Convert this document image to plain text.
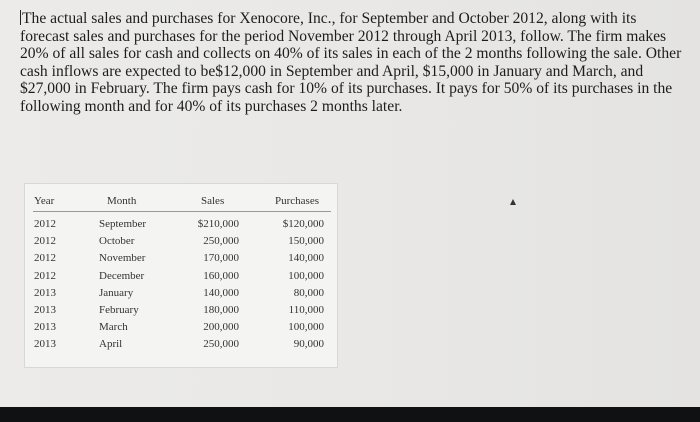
The actual sales and purchases for Xenocore, Inc., for September and October 2012, along with its forecast sales and purchases for the period November 2012 through April 2013, follow. The firm makes 20% of all sales for cash and collects on 40% of its sales in each of the 2 months following the sale. Other cash inflows are expected to be$12,000 in September and April, $15,000 in January and March, and $27,000 in February. The firm pays cash for 10% of its purchases. It pays for 50% of its purchases in the following month and for 40% of its purchases 2 months later.

Year	Month	Sales	Purchases
2012	September	$210,000	$120,000
2012	October	250,000	150,000
2012	November	170,000	140,000
2012	December	160,000	100,000
2013	January	140,000	80,000
2013	February	180,000	110,000
2013	March	200,000	100,000
2013	April	250,000	90,000
